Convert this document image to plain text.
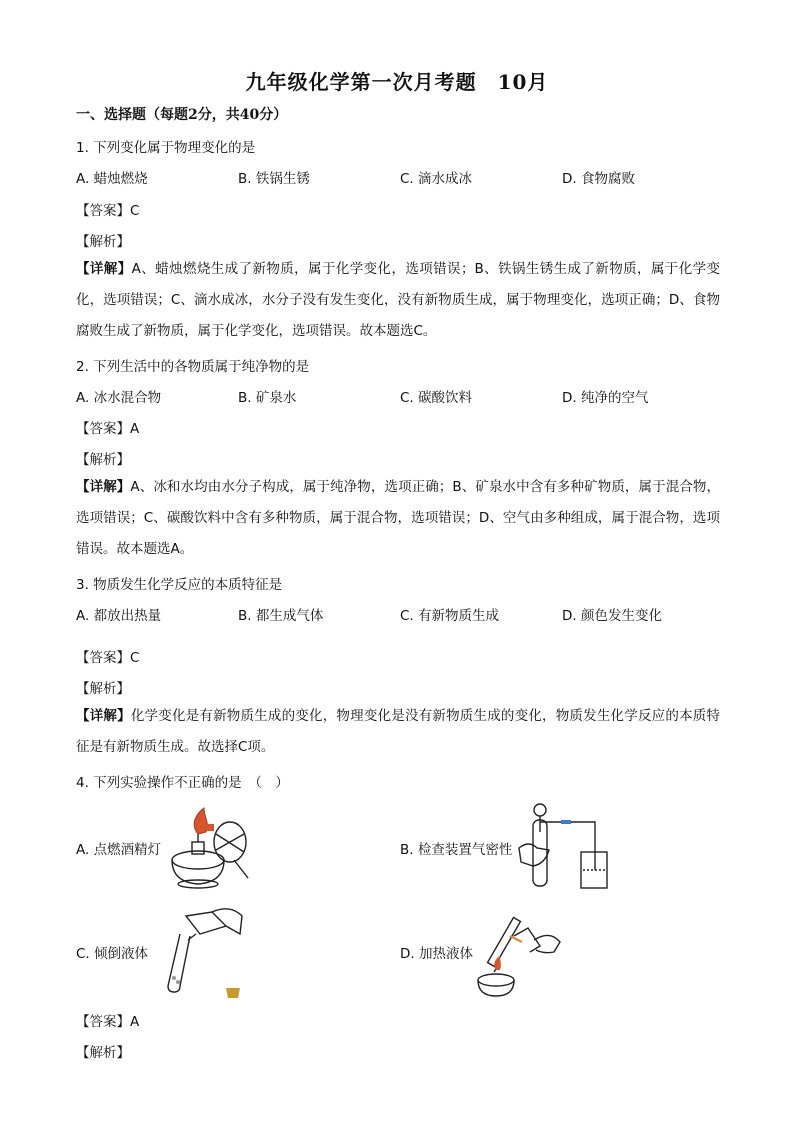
九年级化学第一次月考题　10月
一、选择题（每题2分，共40分）
1. 下列变化属于物理变化的是
A. 蜡烛燃烧	B. 铁锅生锈	C. 滴水成冰	D. 食物腐败
【答案】C
【解析】
【详解】A、蜡烛燃烧生成了新物质，属于化学变化，选项错误；B、铁锅生锈生成了新物质，属于化学变化，选项错误；C、滴水成冰，水分子没有发生变化，没有新物质生成，属于物理变化，选项正确；D、食物腐败生成了新物质，属于化学变化，选项错误。故本题选C。
2. 下列生活中的各物质属于纯净物的是
A. 冰水混合物	B. 矿泉水	C. 碳酸饮料	D. 纯净的空气
【答案】A
【解析】
【详解】A、冰和水均由水分子构成，属于纯净物，选项正确；B、矿泉水中含有多种矿物质，属于混合物，选项错误；C、碳酸饮料中含有多种物质，属于混合物，选项错误；D、空气由多种组成，属于混合物，选项错误。故本题选A。
3. 物质发生化学反应的本质特征是
A. 都放出热量	B. 都生成气体	C. 有新物质生成	D. 颜色发生变化
【答案】C
【解析】
【详解】化学变化是有新物质生成的变化，物理变化是没有新物质生成的变化，物质发生化学反应的本质特征是有新物质生成。故选择C项。
4. 下列实验操作不正确的是　（　）
A. 点燃酒精灯	B. 检查装置气密性
C. 倾倒液体	D. 加热液体
【答案】A
【解析】
